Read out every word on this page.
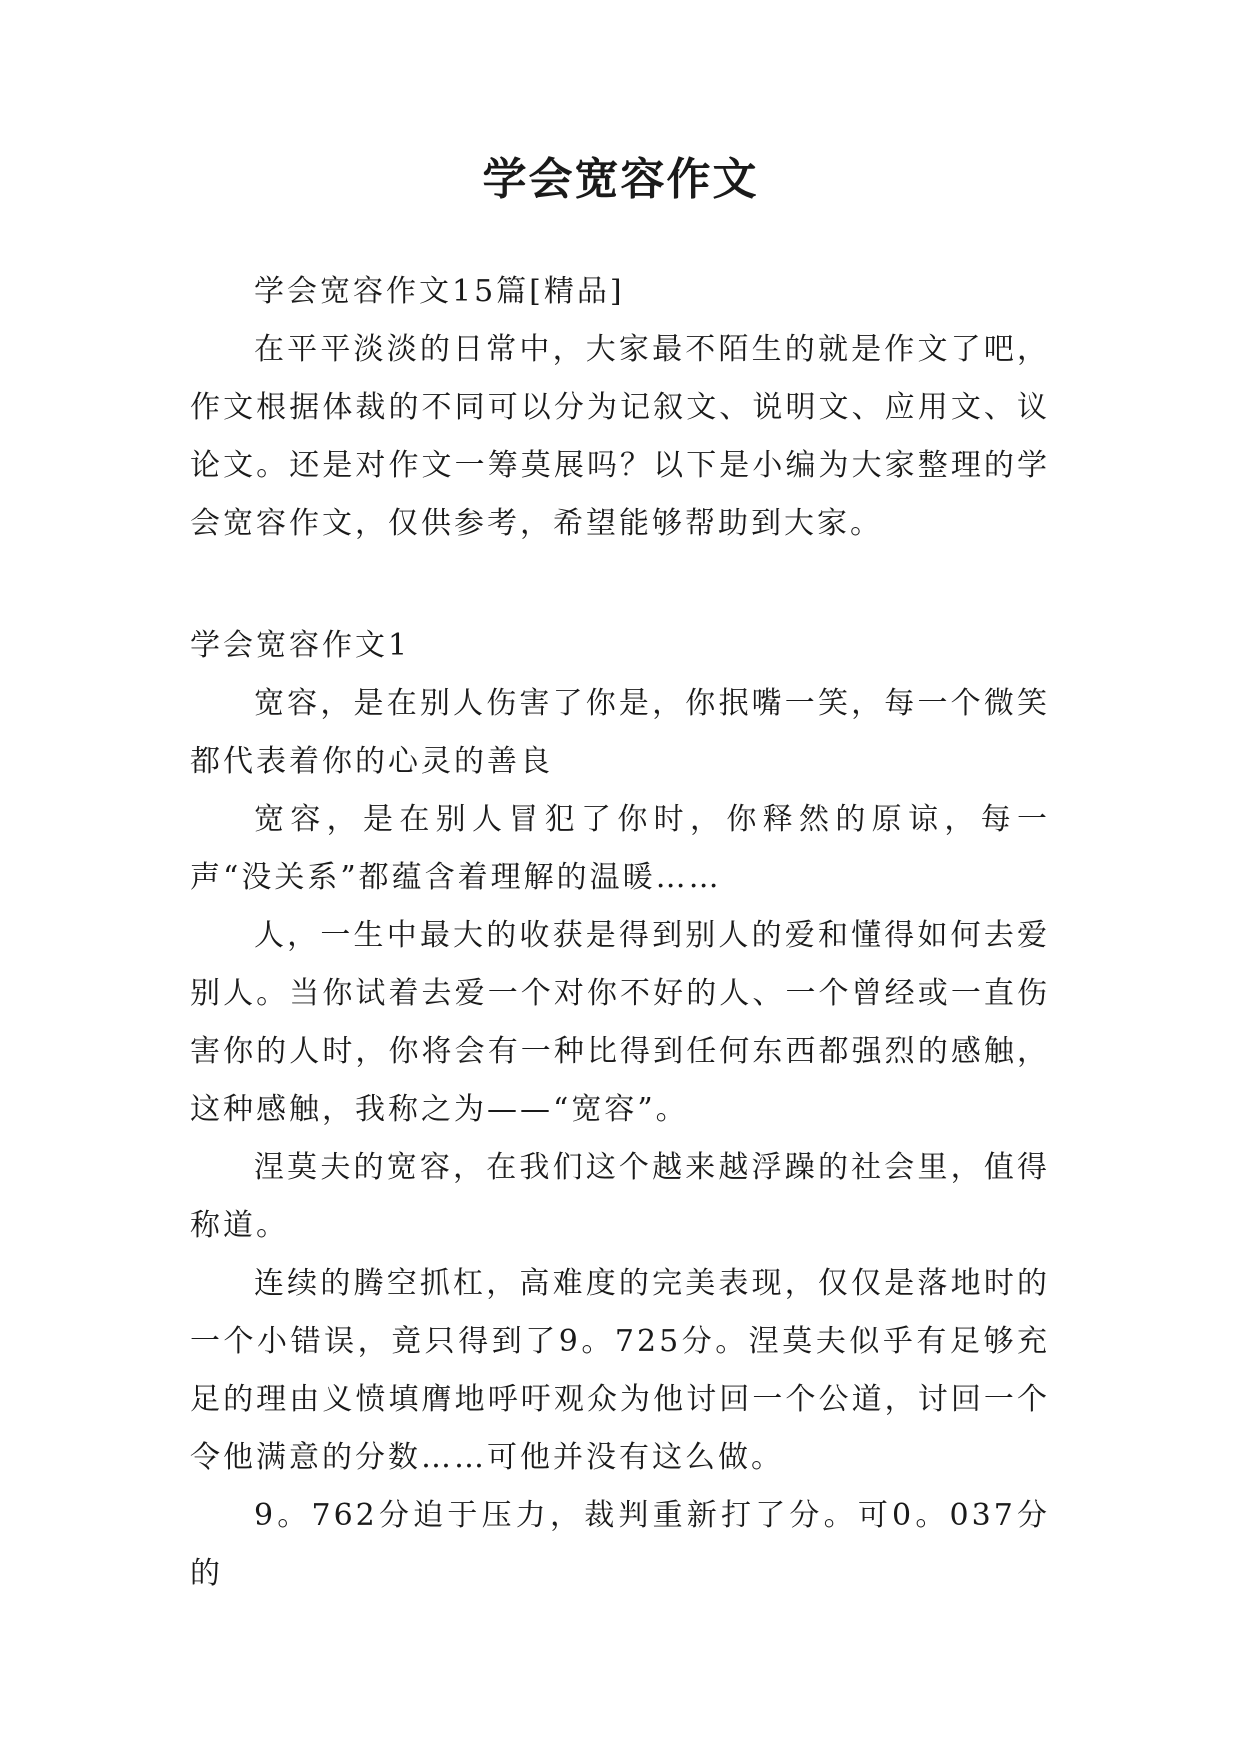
学会宽容作文

学会宽容作文15篇[精品]

在平平淡淡的日常中，大家最不陌生的就是作文了吧，作文根据体裁的不同可以分为记叙文、说明文、应用文、议论文。还是对作文一筹莫展吗？以下是小编为大家整理的学会宽容作文，仅供参考，希望能够帮助到大家。

学会宽容作文1

宽容，是在别人伤害了你是，你抿嘴一笑，每一个微笑都代表着你的心灵的善良

宽容，是在别人冒犯了你时，你释然的原谅，每一声“没关系”都蕴含着理解的温暖……

人，一生中最大的收获是得到别人的爱和懂得如何去爱别人。当你试着去爱一个对你不好的人、一个曾经或一直伤害你的人时，你将会有一种比得到任何东西都强烈的感触，这种感触，我称之为——“宽容”。

涅莫夫的宽容，在我们这个越来越浮躁的社会里，值得称道。

连续的腾空抓杠，高难度的完美表现，仅仅是落地时的一个小错误，竟只得到了9。725分。涅莫夫似乎有足够充足的理由义愤填膺地呼吁观众为他讨回一个公道，讨回一个令他满意的分数……可他并没有这么做。

9。762分迫于压力，裁判重新打了分。可0。037分的
